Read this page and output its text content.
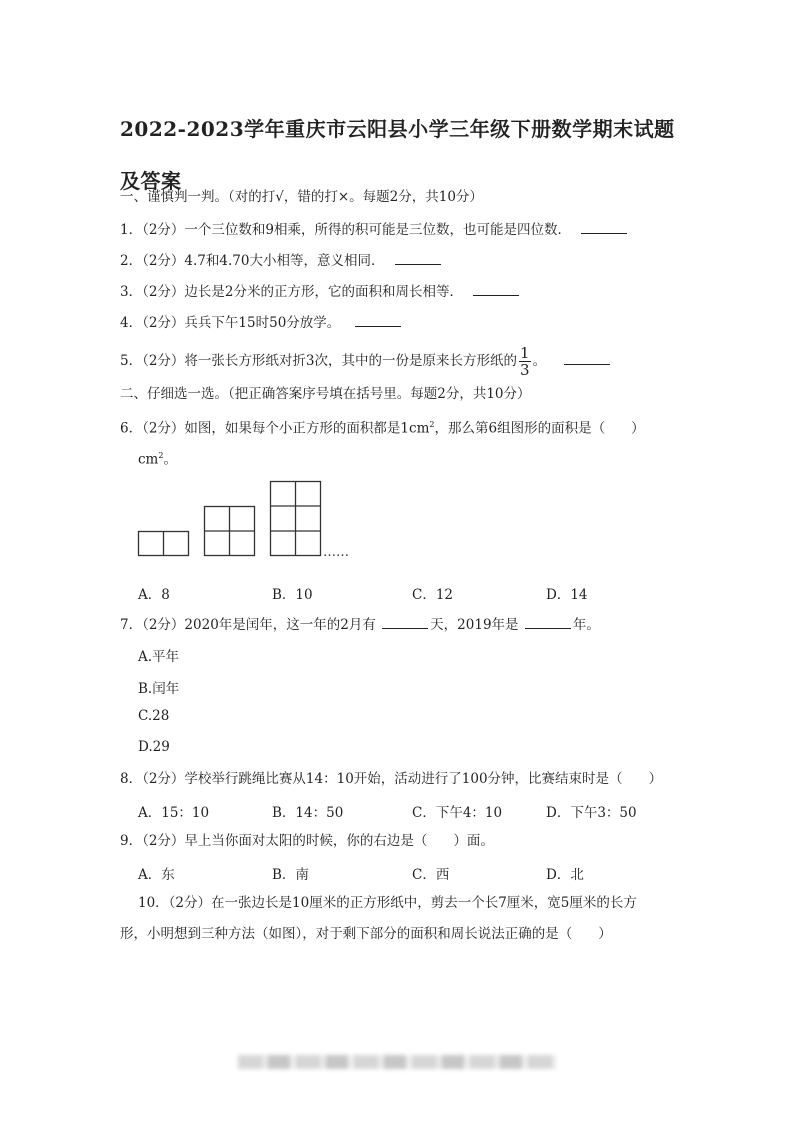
2022-2023学年重庆市云阳县小学三年级下册数学期末试题及答案
一、谨慎判一判。（对的打√，错的打×。每题2分，共10分）
1．（2分）一个三位数和9相乘，所得的积可能是三位数，也可能是四位数．
2．（2分）4.7和4.70大小相等，意义相同．
3．（2分）边长是2分米的正方形，它的面积和周长相等．
4．（2分）兵兵下午15时50分放学。
5．（2分）将一张长方形纸对折3次，其中的一份是原来长方形纸的 $\frac{1}{3}$ 。
二、仔细选一选。（把正确答案序号填在括号里。每题2分，共10分）
6．（2分）如图，如果每个小正方形的面积都是$1cm^2$，那么第6组图形的面积是（ ）
$cm^2$。
……
A．8	B．10	C．12	D．14
7．（2分）2020年是闰年，这一年的2月有	天，2019年是	年。
A.平年
B.闰年
C.28
D.29
8．（2分）学校举行跳绳比赛从14：10开始，活动进行了100分钟，比赛结束时是（ ）
A．15：10	B．14：50	C．下午4：10	D．下午3：50
9．（2分）早上当你面对太阳的时候，你的右边是（ ）面。
A．东	B．南	C．西	D．北
10．（2分）在一张边长是10厘米的正方形纸中，剪去一个长7厘米，宽5厘米的长方
形，小明想到三种方法（如图），对于剩下部分的面积和周长说法正确的是（ ）
